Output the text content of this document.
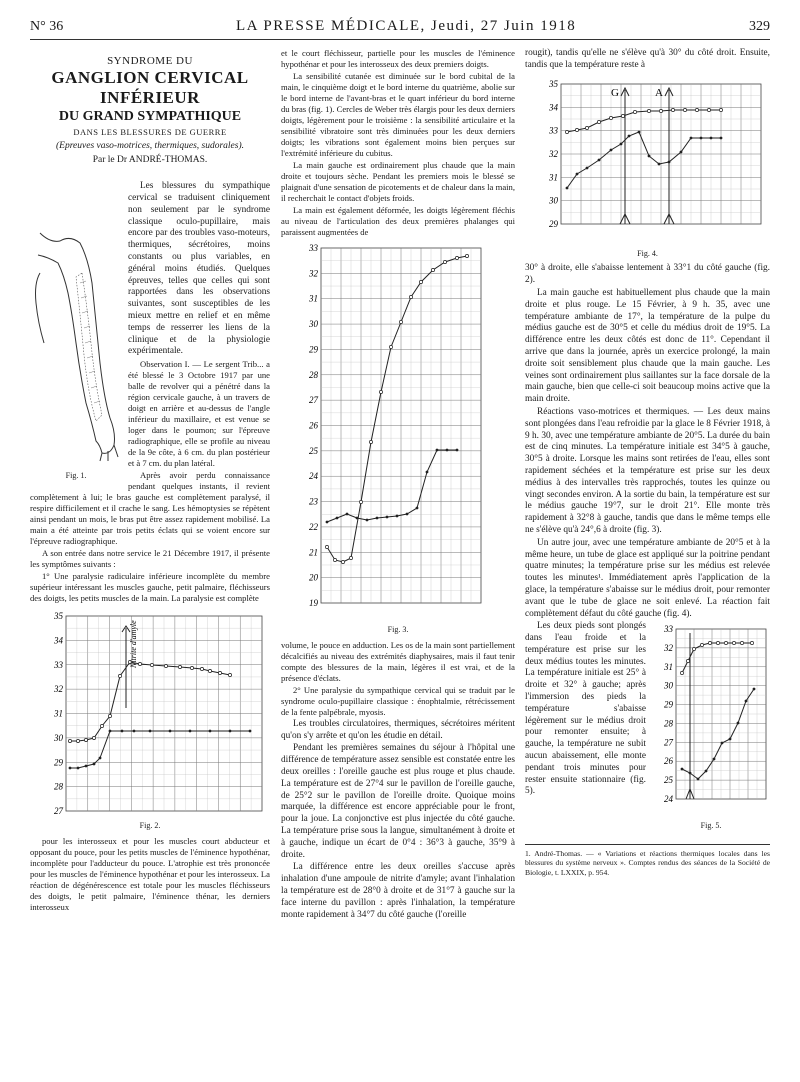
N° 36	LA PRESSE MÉDICALE, Jeudi, 27 Juin 1918	329
SYNDROME DU
GANGLION CERVICAL INFÉRIEUR
DU GRAND SYMPATHIQUE
DANS LES BLESSURES DE GUERRE
(Epreuves vaso-motrices, thermiques, sudorales).
Par le Dr ANDRÉ-THOMAS.
Fig. 1.

Les blessures du sympathique cervical se traduisent cliniquement non seulement par le syndrome classique oculo-pupillaire, mais encore par des troubles vaso-moteurs, thermiques, sécrétoires, moins constants ou plus variables, en général moins étudiés. Quelques épreuves, telles que celles qui sont rapportées dans les observations suivantes, sont susceptibles de les mieux mettre en relief et en même temps de resserrer les liens de la clinique et de la physiologie expérimentale.

Observation I. — Le sergent Trib... a été blessé le 3 Octobre 1917 par une balle de revolver qui a pénétré dans la région cervicale gauche, à un travers de doigt en arrière et au-dessus de l'angle inférieur du maxillaire, et est venue se loger dans le poumon; sur l'épreuve radiographique, elle se profile au niveau de la 9e côte, à 6 cm. du plan postérieur et à 7 cm. du plan latéral.

Après avoir perdu connaissance pendant quelques instants, il revient complètement à lui; le bras gauche est complètement paralysé, il respire difficilement et il crache le sang. Les hémoptysies se répètent ainsi pendant un mois, le bras put être assez rapidement mobilisé. La main a été atteinte par trois petits éclats qui se voient encore sur l'épreuve radiographique.

A son entrée dans notre service le 21 Décembre 1917, il présente les symptômes suivants :

1° Une paralysie radiculaire inférieure incomplète du membre supérieur intéressant les muscles gauche, petit palmaire, fléchisseurs des doigts, les petits muscles de la main. La paralysie est complète

35
34
33
32
31
30
29
28
27
Nitrite d'amyle
Fig. 2.

pour les interosseux et pour les muscles court abducteur et opposant du pouce, pour les petits muscles de l'éminence hypothénar, incomplète pour l'adducteur du pouce. L'atrophie est très prononcée pour les muscles de l'éminence hypothénar et pour les interosseux. La réaction de dégénérescence est totale pour les muscles fléchisseurs des doigts, le petit palmaire, l'éminence thénar, les derniers interosseux

et le court fléchisseur, partielle pour les muscles de l'éminence hypothénar et pour les interosseux des deux premiers doigts.

La sensibilité cutanée est diminuée sur le bord cubital de la main, le cinquième doigt et le bord interne du quatrième, abolie sur le bord interne de l'avant-bras et le quart inférieur du bord interne du bras (fig. 1). Cercles de Weber très élargis pour les deux derniers doigts, légèrement pour le troisième : la sensibilité articulaire et la sensibilité vibratoire sont très diminuées pour les deux derniers doigts; les vibrations sont également moins bien perçues sur l'extrémité inférieure du cubitus.

La main gauche est ordinairement plus chaude que la main droite et toujours sèche. Pendant les premiers mois le blessé se plaignait d'une sensation de picotements et de chaleur dans la main, il recherchait le contact d'objets froids.

La main est également déformée, les doigts légèrement fléchis au niveau de l'articulation des deux premières phalanges qui paraissent augmentées de

33
32
31
30
29
28
27
26
25
24
23
22
21
20
19
Fig. 3.

volume, le pouce en adduction. Les os de la main sont partiellement décalcifiés au niveau des extrémités diaphysaires, mais il faut tenir compte des blessures de la main, légères il est vrai, et de la présence d'éclats.

2° Une paralysie du sympathique cervical qui se traduit par le syndrome oculo-pupillaire classique : énophtalmie, rétrécissement de la fente palpébrale, myosis.

Les troubles circulatoires, thermiques, sécrétoires méritent qu'on s'y arrête et qu'on les étudie en détail.

Pendant les premières semaines du séjour à l'hôpital une différence de température assez sensible est constatée entre les deux oreilles : l'oreille gauche est plus rouge et plus chaude. La température est de 27°4 sur le pavillon de l'oreille gauche, de 25°2 sur le pavillon de l'oreille droite. Quoique moins marquée, la différence est encore appréciable pour le front, pour la joue. La conjonctive est plus injectée du côté gauche. La température prise sous la langue, simultanément à droite et à gauche, indique un écart de 0°4 : 36°3 à gauche, 35°9 à droite.

La différence entre les deux oreilles s'accuse après inhalation d'une ampoule de nitrite d'amyle; avant l'inhalation la température est de 28°0 à droite et de 31°7 à gauche sur la face interne du pavillon : après l'inhalation, la température monte rapidement à 34°7 du côté gauche (l'oreille

rougit), tandis qu'elle ne s'élève qu'à 30° du côté droit. Ensuite, tandis que la température reste à

35
34
33
32
31
30
29
G	A
Fig. 4.

30° à droite, elle s'abaisse lentement à 33°1 du côté gauche (fig. 2).

La main gauche est habituellement plus chaude que la main droite et plus rouge. Le 15 Février, à 9 h. 35, avec une température ambiante de 17°, la température de la pulpe du médius gauche est de 30°5 et celle du médius droit de 19°5. La différence entre les deux côtés est donc de 11°. Cependant il arrive que dans la journée, après un exercice prolongé, la main droite soit sensiblement plus chaude que la main gauche. Les veines sont ordinairement plus saillantes sur la face dorsale de la main gauche, bien que celle-ci soit beaucoup moins active que la main droite.

Réactions vaso-motrices et thermiques. — Les deux mains sont plongées dans l'eau refroidie par la glace le 8 Février 1918, à 9 h. 30, avec une température ambiante de 20°5. La durée du bain est de cinq minutes. La température initiale est 34°5 à gauche, 30°5 à droite. Lorsque les mains sont retirées de l'eau, elles sont rapidement séchées et la température est prise sur les deux médius à des intervalles très rapprochés, toutes les quinze ou vingt secondes environ. A la sortie du bain, la température est sur le médius gauche 19°7, sur le droit 21°. Elle monte très rapidement à 32°8 à gauche, tandis que dans le même temps elle ne s'élève qu'à 24°,6 à droite (fig. 3).

Un autre jour, avec une température ambiante de 20°5 et à la même heure, un tube de glace est appliqué sur la poitrine pendant quatre minutes; la température prise sur les médius est relevée toutes les minutes¹. Immédiatement après l'application de la glace, la température s'abaisse sur le médius droit, pour remonter avant que le tube de glace ne soit enlevé. La réaction fait complètement défaut du côté gauche (fig. 4).

33
32
31
30
29
28
27
26
25
24
Fig. 5.

Les deux pieds sont plongés dans l'eau froide et la température est prise sur les deux médius toutes les minutes. La température initiale est 25° à droite et 32° à gauche; après l'immersion des pieds la température s'abaisse légèrement sur le médius droit pour remonter ensuite; à gauche, la température ne subit aucun abaissement, elle monte pendant trois minutes pour rester ensuite stationnaire (fig. 5).

1. André-Thomas. — « Variations et réactions thermiques locales dans les blessures du système nerveux ». Comptes rendus des séances de la Société de Biologie, t. LXXIX, p. 954.
